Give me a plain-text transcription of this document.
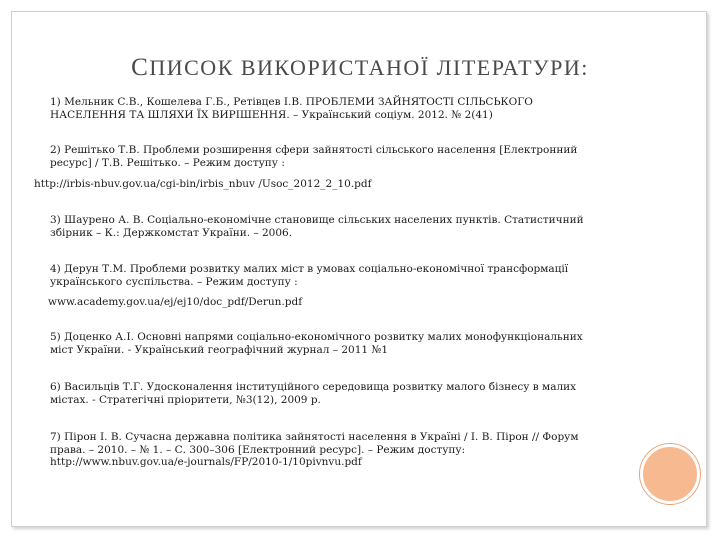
СПИСОК ВИКОРИСТАНОЇ ЛІТЕРАТУРИ:
1) Мельник С.В., Кошелева Г.Б., Ретівцев І.В. ПРОБЛЕМИ ЗАЙНЯТОСТІ СІЛЬСЬКОГО
НАСЕЛЕННЯ ТА ШЛЯХИ ЇХ ВИРІШЕННЯ. – Український соціум. 2012. № 2(41)
2) Решітько Т.В. Проблеми розширення сфери зайнятості сільського населення [Електронний
ресурс] / Т.В. Решітько. – Режим доступу :
http://irbis-nbuv.gov.ua/cgi-bin/irbis_nbuv /Usoc_2012_2_10.pdf
3) Шаурено А. В. Соціально-економічне становище сільських населених пунктів. Статистичний
збірник – К.: Держкомстат України. – 2006.
4) Дерун Т.М. Проблеми розвитку малих міст в умовах соціально-економічної трансформації
українського суспільства. – Режим доступу :
www.academy.gov.ua/ej/ej10/doc_pdf/Derun.pdf
5) Доценко А.І. Основні напрями соціально-економічного розвитку малих монофункціональних
міст України. - Український географічний журнал – 2011 №1
6) Васильців Т.Г. Удосконалення інституційного середовища розвитку малого бізнесу в малих
містах. - Стратегічні пріоритети, №3(12), 2009 р.
7) Пірон І. В. Сучасна державна політика зайнятості населення в Україні / І. В. Пірон // Форум
права. – 2010. – № 1. – С. 300–306 [Електронний ресурс]. – Режим доступу:
http://www.nbuv.gov.ua/e-journals/FP/2010-1/10pivnvu.pdf
